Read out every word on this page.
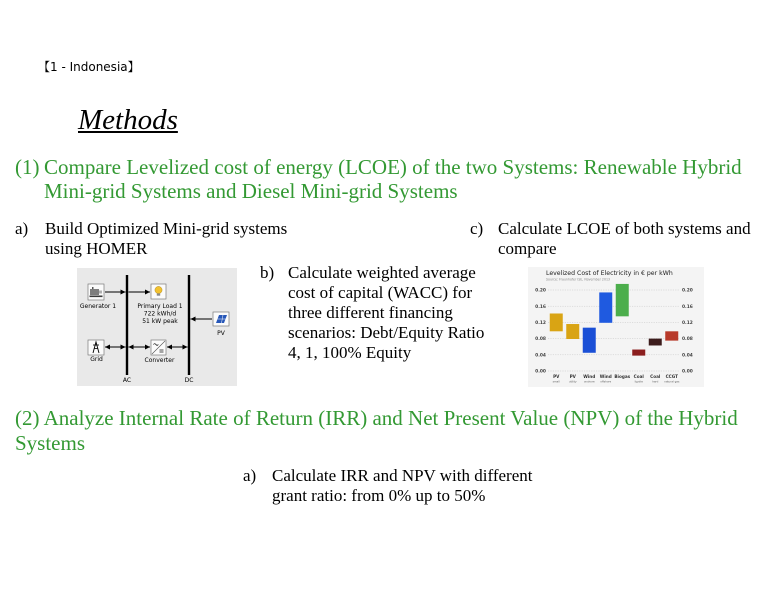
【1 - Indonesia】
Methods
(1) Compare Levelized cost of energy (LCOE) of the two Systems: Renewable Hybrid
Mini-grid Systems and Diesel Mini-grid Systems
a) Build Optimized Mini-grid systems
using HOMER
c) Calculate LCOE of both systems and
compare
b) Calculate weighted average
cost of capital (WACC) for
three different financing
scenarios: Debt/Equity Ratio
4, 1, 100% Equity
AC	DC
Generator 1	Primary Load 1
722 kWh/d
51 kW peak
PV
Grid	Converter
Levelized Cost of Electricity in € per kWh
Source: Fraunhofer ISE, November 2013
0.20	0.20
0.16	0.16
0.12	0.12
0.08	0.08
0.04	0.04
0.00	0.00
PV
small
PV
utility
Wind
onshore
Wind
offshore
Biogas Coal
lignite
Coal
hard
CCGT
natural gas
(2) Analyze Internal Rate of Return (IRR) and Net Present Value (NPV) of the Hybrid
Systems
a) Calculate IRR and NPV with different
grant ratio: from 0% up to 50%
